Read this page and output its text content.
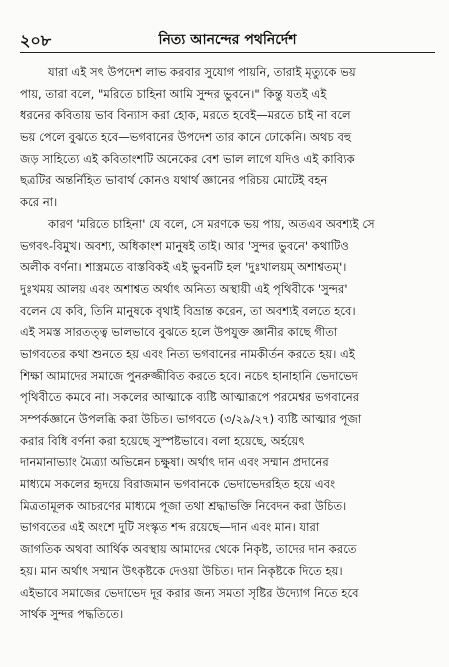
২০৮	নিত্য আনন্দের পথনির্দেশ
যারা এই সৎ উপদেশ লাভ করবার সুযোগ পায়নি, তারাই মৃত্যুকে ভয়
পায়, তারা বলে, "মরিতে চাহিনা আমি সুন্দর ভুবনে।" কিন্তু যতই এই
ধরনের কবিতায় ভাব বিন্যাস করা হোক, মরতে হবেই—মরতে চাই না বলে
ভয় পেলে বুঝতে হবে—ভগবানের উপদেশ তার কানে ঢোকেনি। অথচ বহু
জড় সাহিত্যে এই কবিতাংশটি অনেকের বেশ ভাল লাগে যদিও এই কাব্যিক
ছত্রটির অন্তর্নিহিত ভাবার্থ কোনও যথার্থ জ্ঞানের পরিচয় মোটেই বহন
করে না।
কারণ 'মরিতে চাহিনা' যে বলে, সে মরণকে ভয় পায়, অতএব অবশ্যই সে
ভগবৎ-বিমুখ। অবশ্য, অধিকাংশ মানুষই তাই। আর 'সুন্দর ভুবনে' কথাটিও
অলীক বর্ণনা। শাস্ত্রমতে বাস্তবিকই এই ভুবনটি হল 'দুঃখালয়ম্ অশাশ্বতম্'।
দুঃখময় আলয় এবং অশাশ্বত অর্থাৎ অনিত্য অস্থায়ী এই পৃথিবীকে 'সুন্দর'
বলেন যে কবি, তিনি মানুষকে বৃথাই বিভ্রান্ত করেন, তা অবশ্যই বলতে হবে।
এই সমস্ত সারতত্ত্ব ভালভাবে বুঝতে হলে উপযুক্ত জ্ঞানীর কাছে গীতা
ভাগবতের কথা শুনতে হয় এবং নিত্য ভগবানের নামকীর্তন করতে হয়। এই
শিক্ষা আমাদের সমাজে পুনরুজ্জীবিত করতে হবে। নচেৎ হানাহানি ভেদাভেদ
পৃথিবীতে কমবে না। সকলের আত্মাকে ব্যষ্টি আত্মারূপে পরমেশ্বর ভগবানের
সম্পর্কজ্ঞানে উপলব্ধি করা উচিত। ভাগবতে (৩/২৯/২৭) ব্যষ্টি আত্মার পূজা
করার বিধি বর্ণনা করা হয়েছে সুস্পষ্টভাবে। বলা হয়েছে, অর্হয়েৎ
দানমানাভ্যাং মৈত্র্যা অভিন্নেন চক্ষুষা। অর্থাৎ দান এবং সম্মান প্রদানের
মাধ্যমে সকলের হৃদয়ে বিরাজমান ভগবানকে ভেদাভেদরহিত হয়ে এবং
মিত্রতামূলক আচরণের মাধ্যমে পূজা তথা শ্রদ্ধাভক্তি নিবেদন করা উচিত।
ভাগবতের এই অংশে দুটি সংস্কৃত শব্দ রয়েছে—দান এবং মান। যারা
জাগতিক অথবা আর্থিক অবস্থায় আমাদের থেকে নিকৃষ্ট, তাদের দান করতে
হয়। মান অর্থাৎ সম্মান উৎকৃষ্টকে দেওয়া উচিত। দান নিকৃষ্টকে দিতে হয়।
এইভাবে সমাজের ভেদাভেদ দূর করার জন্য সমতা সৃষ্টির উদ্যোগ নিতে হবে
সার্থক সুন্দর পদ্ধতিতে।
